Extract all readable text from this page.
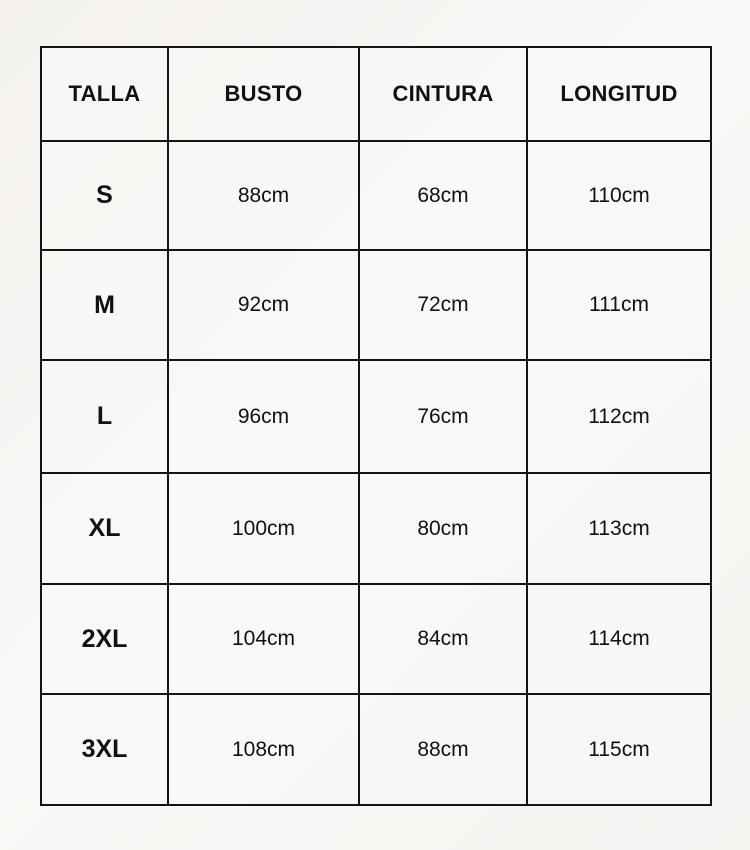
TALLA	BUSTO	CINTURA	LONGITUD
S	88cm	68cm	110cm
M	92cm	72cm	111cm
L	96cm	76cm	112cm
XL	100cm	80cm	113cm
2XL	104cm	84cm	114cm
3XL	108cm	88cm	115cm
